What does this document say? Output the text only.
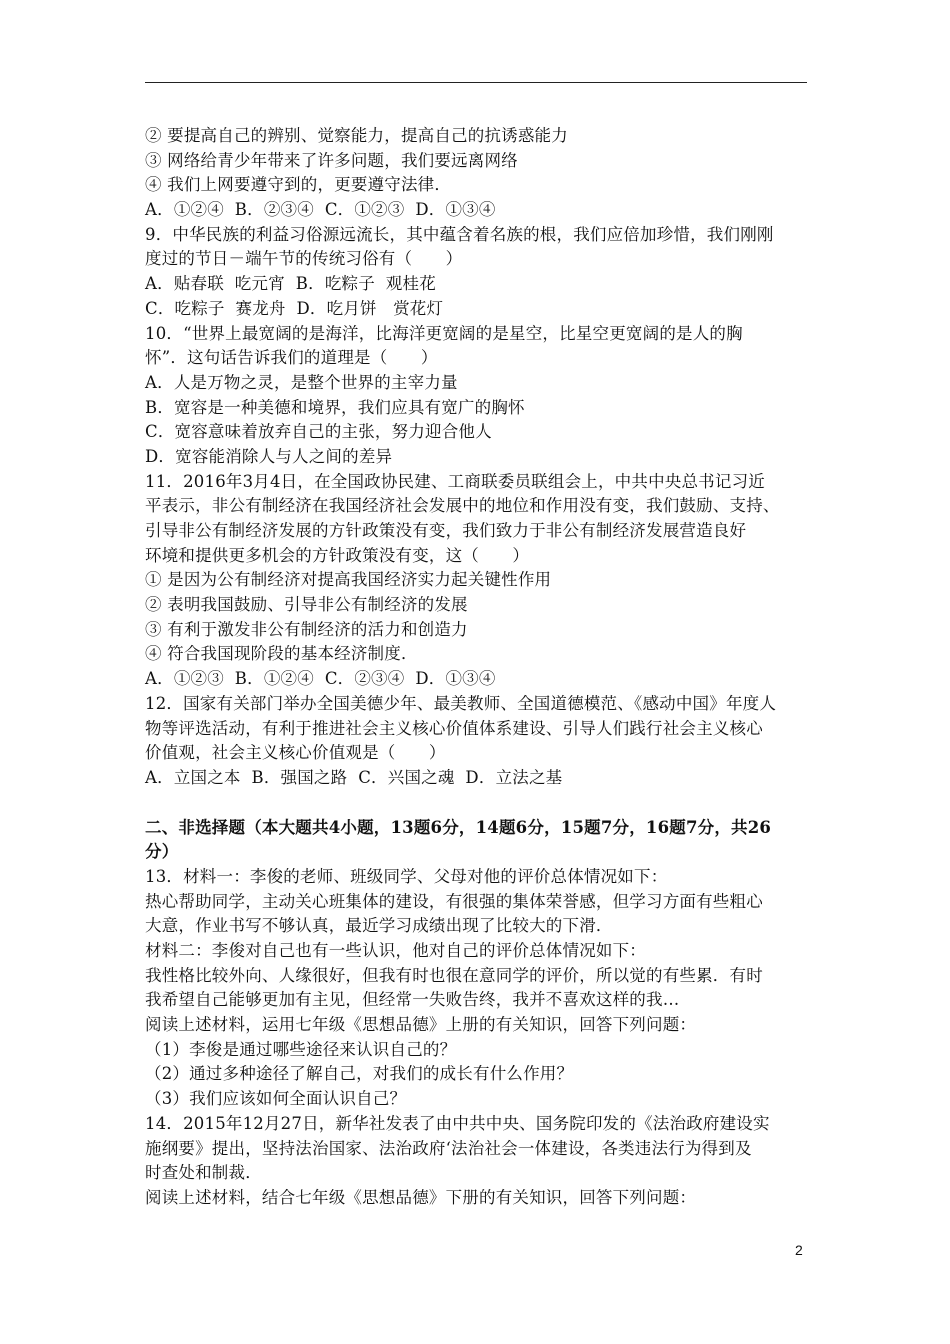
② 要提高自己的辨别、觉察能力，提高自己的抗诱惑能力
③ 网络给青少年带来了许多问题，我们要远离网络
④ 我们上网要遵守到的，更要遵守法律．
A．①②④  B．②③④  C．①②③  D．①③④
9．中华民族的利益习俗源远流长，其中蕴含着名族的根，我们应倍加珍惜，我们刚刚
度过的节日－端午节的传统习俗有（　　）
A．贴春联  吃元宵  B．吃粽子  观桂花
C．吃粽子  赛龙舟  D．吃月饼   赏花灯
10．“世界上最宽阔的是海洋，比海洋更宽阔的是星空，比星空更宽阔的是人的胸
怀”．这句话告诉我们的道理是（　　）
A．人是万物之灵，是整个世界的主宰力量
B．宽容是一种美德和境界，我们应具有宽广的胸怀
C．宽容意味着放弃自己的主张，努力迎合他人
D．宽容能消除人与人之间的差异
11．2016年3月4日，在全国政协民建、工商联委员联组会上，中共中央总书记习近
平表示，非公有制经济在我国经济社会发展中的地位和作用没有变，我们鼓励、支持、
引导非公有制经济发展的方针政策没有变，我们致力于非公有制经济发展营造良好
环境和提供更多机会的方针政策没有变，这（　　）
① 是因为公有制经济对提高我国经济实力起关键性作用
② 表明我国鼓励、引导非公有制经济的发展
③ 有利于激发非公有制经济的活力和创造力
④ 符合我国现阶段的基本经济制度．
A．①②③  B．①②④  C．②③④  D．①③④
12．国家有关部门举办全国美德少年、最美教师、全国道德模范、《感动中国》年度人
物等评选活动，有利于推进社会主义核心价值体系建设、引导人们践行社会主义核心
价值观，社会主义核心价值观是（　　）
A．立国之本  B．强国之路  C．兴国之魂  D．立法之基
二、非选择题（本大题共4小题，13题6分，14题6分，15题7分，16题7分，共26
分）
13．材料一：李俊的老师、班级同学、父母对他的评价总体情况如下：
热心帮助同学，主动关心班集体的建设，有很强的集体荣誉感，但学习方面有些粗心
大意，作业书写不够认真，最近学习成绩出现了比较大的下滑．
材料二：李俊对自己也有一些认识，他对自己的评价总体情况如下：
我性格比较外向、人缘很好，但我有时也很在意同学的评价，所以觉的有些累．有时
我希望自己能够更加有主见，但经常一失败告终，我并不喜欢这样的我…
阅读上述材料，运用七年级《思想品德》上册的有关知识，回答下列问题：
（1）李俊是通过哪些途径来认识自己的？
（2）通过多种途径了解自己，对我们的成长有什么作用？
（3）我们应该如何全面认识自己？
14．2015年12月27日，新华社发表了由中共中央、国务院印发的《法治政府建设实
施纲要》提出，坚持法治国家、法治政府‘法治社会一体建设，各类违法行为得到及
时查处和制裁．
阅读上述材料，结合七年级《思想品德》下册的有关知识，回答下列问题：
2
